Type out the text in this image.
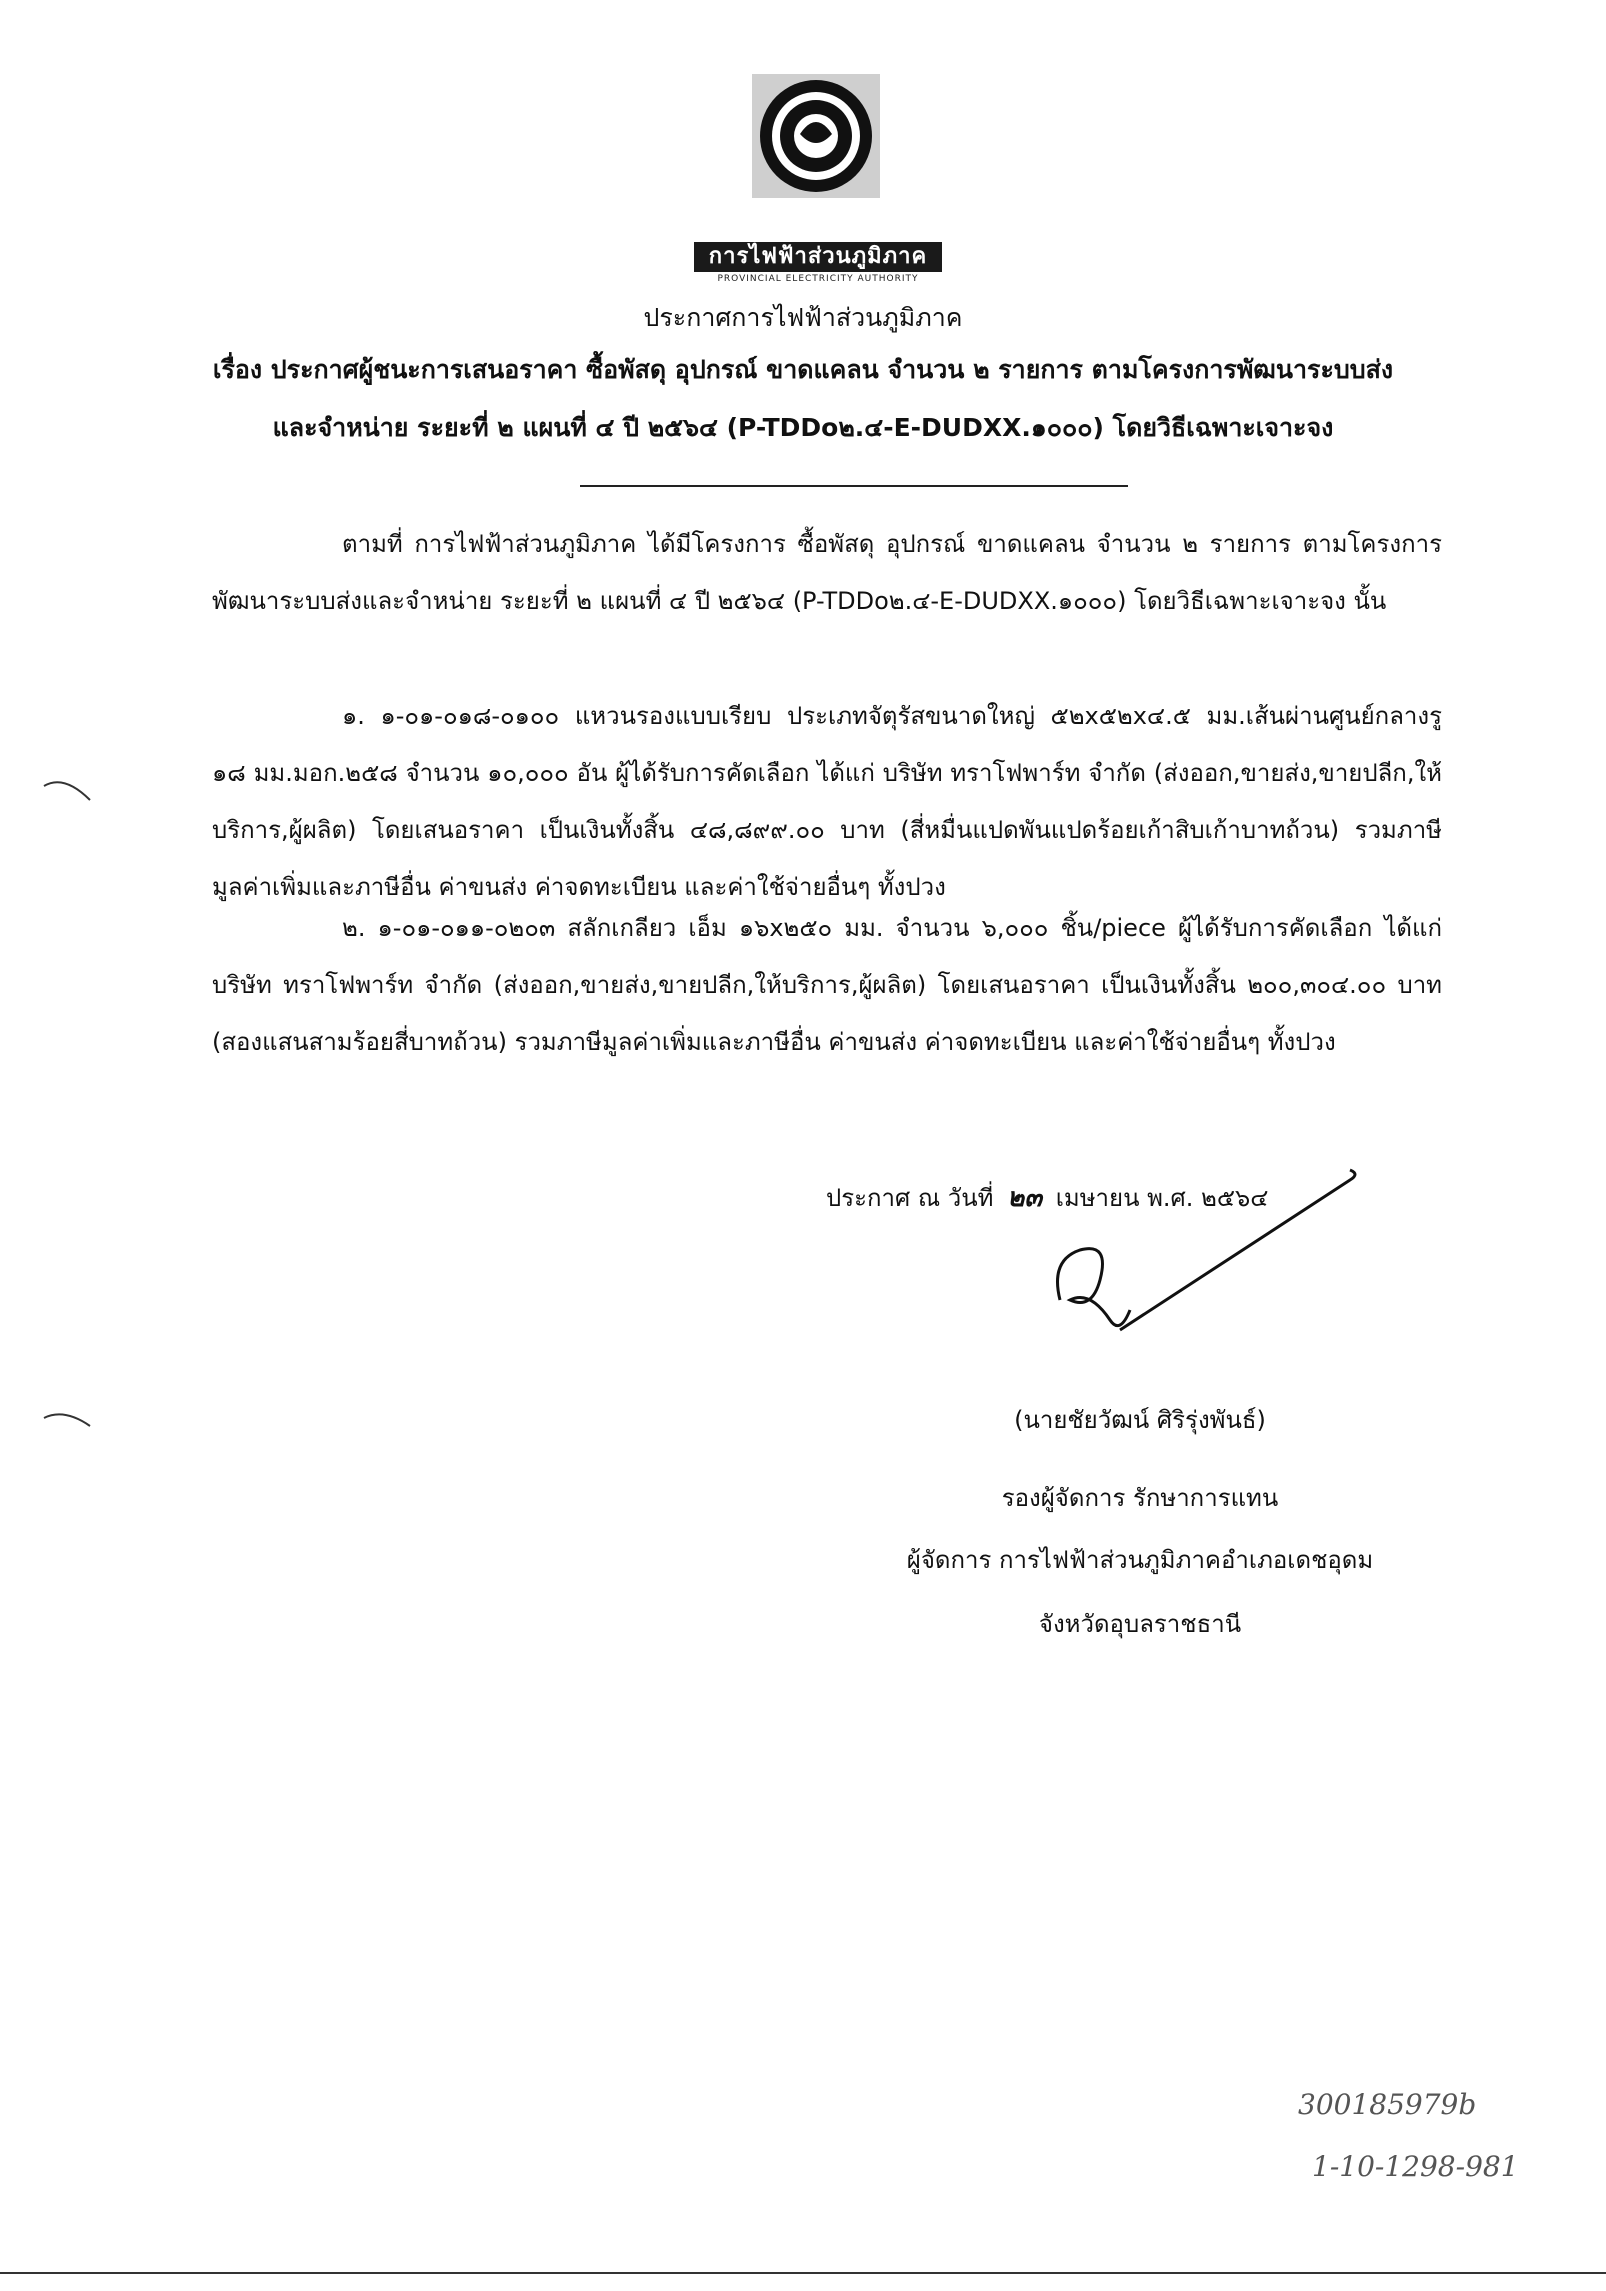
การไฟฟ้าส่วนภูมิภาค
PROVINCIAL ELECTRICITY AUTHORITY
ประกาศการไฟฟ้าส่วนภูมิภาค
เรื่อง ประกาศผู้ชนะการเสนอราคา ซื้อพัสดุ อุปกรณ์ ขาดแคลน จำนวน ๒ รายการ ตามโครงการพัฒนาระบบส่ง
และจำหน่าย ระยะที่ ๒ แผนที่ ๔ ปี ๒๕๖๔ (P-TDDo๒.๔-E-DUDXX.๑๐๐๐) โดยวิธีเฉพาะเจาะจง
ตามที่ การไฟฟ้าส่วนภูมิภาค ได้มีโครงการ ซื้อพัสดุ อุปกรณ์ ขาดแคลน จำนวน ๒ รายการ ตามโครงการพัฒนาระบบส่งและจำหน่าย ระยะที่ ๒ แผนที่ ๔ ปี ๒๕๖๔ (P-TDDo๒.๔-E-DUDXX.๑๐๐๐) โดยวิธีเฉพาะเจาะจง นั้น
๑. ๑-๐๑-๐๑๘-๐๑๐๐ แหวนรองแบบเรียบ ประเภทจัตุรัสขนาดใหญ่ ๕๒x๕๒x๔.๕ มม.เส้นผ่านศูนย์กลางรู ๑๘ มม.มอก.๒๕๘ จำนวน ๑๐,๐๐๐ อัน ผู้ได้รับการคัดเลือก ได้แก่ บริษัท ทราโฟพาร์ท จำกัด (ส่งออก,ขายส่ง,ขายปลีก,ให้บริการ,ผู้ผลิต) โดยเสนอราคา เป็นเงินทั้งสิ้น ๔๘,๘๙๙.๐๐ บาท (สี่หมื่นแปดพันแปดร้อยเก้าสิบเก้าบาทถ้วน) รวมภาษีมูลค่าเพิ่มและภาษีอื่น ค่าขนส่ง ค่าจดทะเบียน และค่าใช้จ่ายอื่นๆ ทั้งปวง
๒. ๑-๐๑-๐๑๑-๐๒๐๓ สลักเกลียว เอ็ม ๑๖x๒๕๐ มม. จำนวน ๖,๐๐๐ ชิ้น/piece ผู้ได้รับการคัดเลือก ได้แก่ บริษัท ทราโฟพาร์ท จำกัด (ส่งออก,ขายส่ง,ขายปลีก,ให้บริการ,ผู้ผลิต) โดยเสนอราคา เป็นเงินทั้งสิ้น ๒๐๐,๓๐๔.๐๐ บาท (สองแสนสามร้อยสี่บาทถ้วน) รวมภาษีมูลค่าเพิ่มและภาษีอื่น ค่าขนส่ง ค่าจดทะเบียน และค่าใช้จ่ายอื่นๆ ทั้งปวง
ประกาศ ณ วันที่ ๒๓ เมษายน พ.ศ. ๒๕๖๔
(นายชัยวัฒน์ ศิริรุ่งพันธ์)
รองผู้จัดการ รักษาการแทน
ผู้จัดการ การไฟฟ้าส่วนภูมิภาคอำเภอเดชอุดม
จังหวัดอุบลราชธานี
300185979b
1-10-1298-981
